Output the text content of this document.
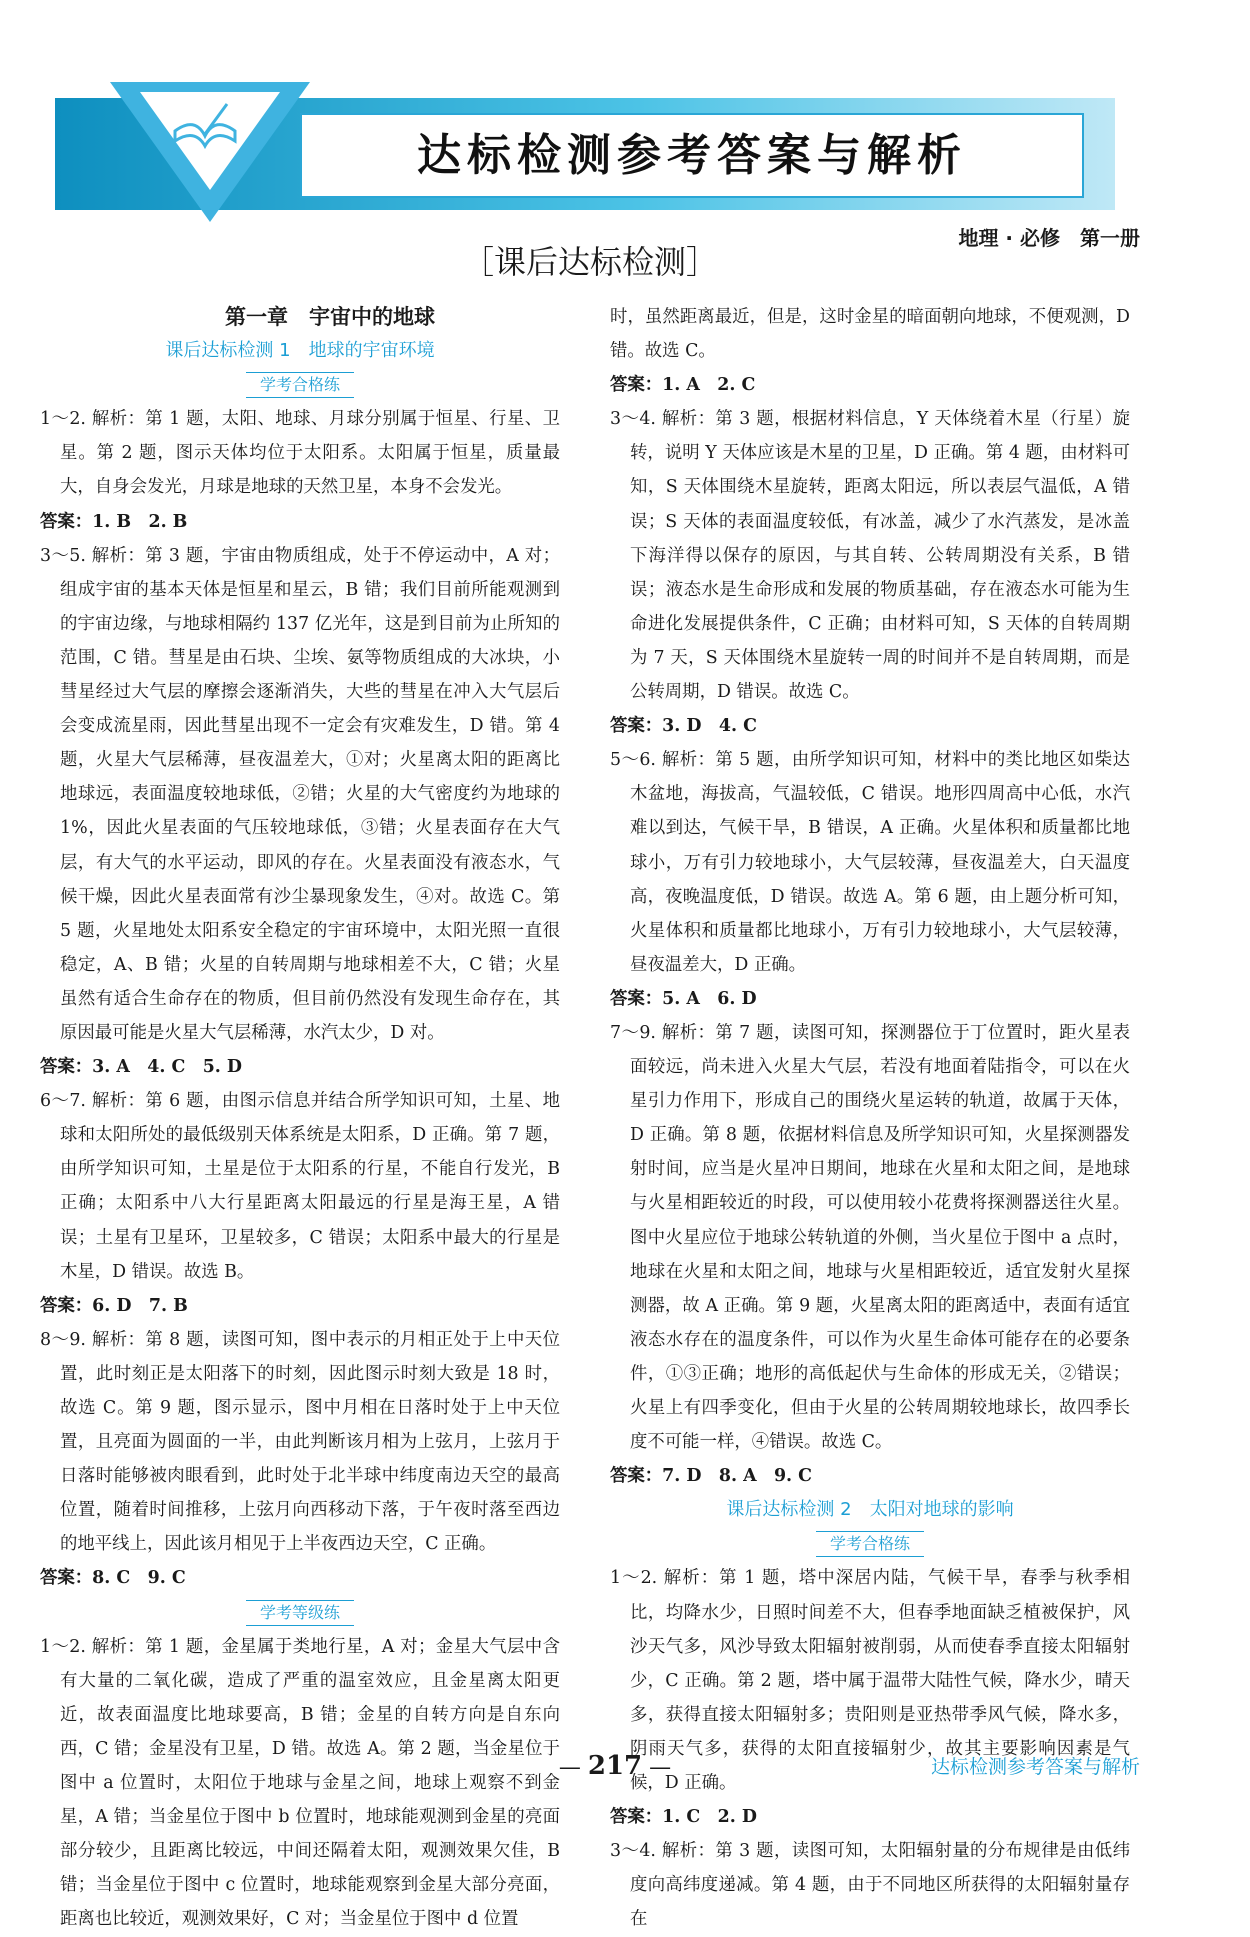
达标检测参考答案与解析
地理 · 必修　第一册
［课后达标检测］
第一章　宇宙中的地球
课后达标检测 1　地球的宇宙环境
学考合格练

1～2. 解析：第 1 题，太阳、地球、月球分别属于恒星、行星、卫星。第 2 题，图示天体均位于太阳系。太阳属于恒星，质量最大，自身会发光，月球是地球的天然卫星，本身不会发光。

答案：1. B　2. B

3～5. 解析：第 3 题，宇宙由物质组成，处于不停运动中，A 对；组成宇宙的基本天体是恒星和星云，B 错；我们目前所能观测到的宇宙边缘，与地球相隔约 137 亿光年，这是到目前为止所知的范围，C 错。彗星是由石块、尘埃、氨等物质组成的大冰块，小彗星经过大气层的摩擦会逐渐消失，大些的彗星在冲入大气层后会变成流星雨，因此彗星出现不一定会有灾难发生，D 错。第 4 题，火星大气层稀薄，昼夜温差大，①对；火星离太阳的距离比地球远，表面温度较地球低，②错；火星的大气密度约为地球的 1%，因此火星表面的气压较地球低，③错；火星表面存在大气层，有大气的水平运动，即风的存在。火星表面没有液态水，气候干燥，因此火星表面常有沙尘暴现象发生，④对。故选 C。第 5 题，火星地处太阳系安全稳定的宇宙环境中，太阳光照一直很稳定，A、B 错；火星的自转周期与地球相差不大，C 错；火星虽然有适合生命存在的物质，但目前仍然没有发现生命存在，其原因最可能是火星大气层稀薄，水汽太少，D 对。

答案：3. A　4. C　5. D

6～7. 解析：第 6 题，由图示信息并结合所学知识可知，土星、地球和太阳所处的最低级别天体系统是太阳系，D 正确。第 7 题，由所学知识可知，土星是位于太阳系的行星，不能自行发光，B 正确；太阳系中八大行星距离太阳最远的行星是海王星，A 错误；土星有卫星环，卫星较多，C 错误；太阳系中最大的行星是木星，D 错误。故选 B。

答案：6. D　7. B

8～9. 解析：第 8 题，读图可知，图中表示的月相正处于上中天位置，此时刻正是太阳落下的时刻，因此图示时刻大致是 18 时，故选 C。第 9 题，图示显示，图中月相在日落时处于上中天位置，且亮面为圆面的一半，由此判断该月相为上弦月，上弦月于日落时能够被肉眼看到，此时处于北半球中纬度南边天空的最高位置，随着时间推移，上弦月向西移动下落，于午夜时落至西边的地平线上，因此该月相见于上半夜西边天空，C 正确。

答案：8. C　9. C

学考等级练

1～2. 解析：第 1 题，金星属于类地行星，A 对；金星大气层中含有大量的二氧化碳，造成了严重的温室效应，且金星离太阳更近，故表面温度比地球要高，B 错；金星的自转方向是自东向西，C 错；金星没有卫星，D 错。故选 A。第 2 题，当金星位于图中 a 位置时，太阳位于地球与金星之间，地球上观察不到金星，A 错；当金星位于图中 b 位置时，地球能观测到金星的亮面部分较少，且距离比较远，中间还隔着太阳，观测效果欠佳，B 错；当金星位于图中 c 位置时，地球能观察到金星大部分亮面，距离也比较近，观测效果好，C 对；当金星位于图中 d 位置

时，虽然距离最近，但是，这时金星的暗面朝向地球，不便观测，D 错。故选 C。

答案：1. A　2. C

3～4. 解析：第 3 题，根据材料信息，Y 天体绕着木星（行星）旋转，说明 Y 天体应该是木星的卫星，D 正确。第 4 题，由材料可知，S 天体围绕木星旋转，距离太阳远，所以表层气温低，A 错误；S 天体的表面温度较低，有冰盖，减少了水汽蒸发，是冰盖下海洋得以保存的原因，与其自转、公转周期没有关系，B 错误；液态水是生命形成和发展的物质基础，存在液态水可能为生命进化发展提供条件，C 正确；由材料可知，S 天体的自转周期为 7 天，S 天体围绕木星旋转一周的时间并不是自转周期，而是公转周期，D 错误。故选 C。

答案：3. D　4. C

5～6. 解析：第 5 题，由所学知识可知，材料中的类比地区如柴达木盆地，海拔高，气温较低，C 错误。地形四周高中心低，水汽难以到达，气候干旱，B 错误，A 正确。火星体积和质量都比地球小，万有引力较地球小，大气层较薄，昼夜温差大，白天温度高，夜晚温度低，D 错误。故选 A。第 6 题，由上题分析可知，火星体积和质量都比地球小，万有引力较地球小，大气层较薄，昼夜温差大，D 正确。

答案：5. A　6. D

7～9. 解析：第 7 题，读图可知，探测器位于丁位置时，距火星表面较远，尚未进入火星大气层，若没有地面着陆指令，可以在火星引力作用下，形成自己的围绕火星运转的轨道，故属于天体，D 正确。第 8 题，依据材料信息及所学知识可知，火星探测器发射时间，应当是火星冲日期间，地球在火星和太阳之间，是地球与火星相距较近的时段，可以使用较小花费将探测器送往火星。图中火星应位于地球公转轨道的外侧，当火星位于图中 a 点时，地球在火星和太阳之间，地球与火星相距较近，适宜发射火星探测器，故 A 正确。第 9 题，火星离太阳的距离适中，表面有适宜液态水存在的温度条件，可以作为火星生命体可能存在的必要条件，①③正确；地形的高低起伏与生命体的形成无关，②错误；火星上有四季变化，但由于火星的公转周期较地球长，故四季长度不可能一样，④错误。故选 C。

答案：7. D　8. A　9. C

课后达标检测 2　太阳对地球的影响
学考合格练

1～2. 解析：第 1 题，塔中深居内陆，气候干旱，春季与秋季相比，均降水少，日照时间差不大，但春季地面缺乏植被保护，风沙天气多，风沙导致太阳辐射被削弱，从而使春季直接太阳辐射少，C 正确。第 2 题，塔中属于温带大陆性气候，降水少，晴天多，获得直接太阳辐射多；贵阳则是亚热带季风气候，降水多，阴雨天气多，获得的太阳直接辐射少，故其主要影响因素是气候，D 正确。

答案：1. C　2. D

3～4. 解析：第 3 题，读图可知，太阳辐射量的分布规律是由低纬度向高纬度递减。第 4 题，由于不同地区所获得的太阳辐射量存在

— 217 —	达标检测参考答案与解析
